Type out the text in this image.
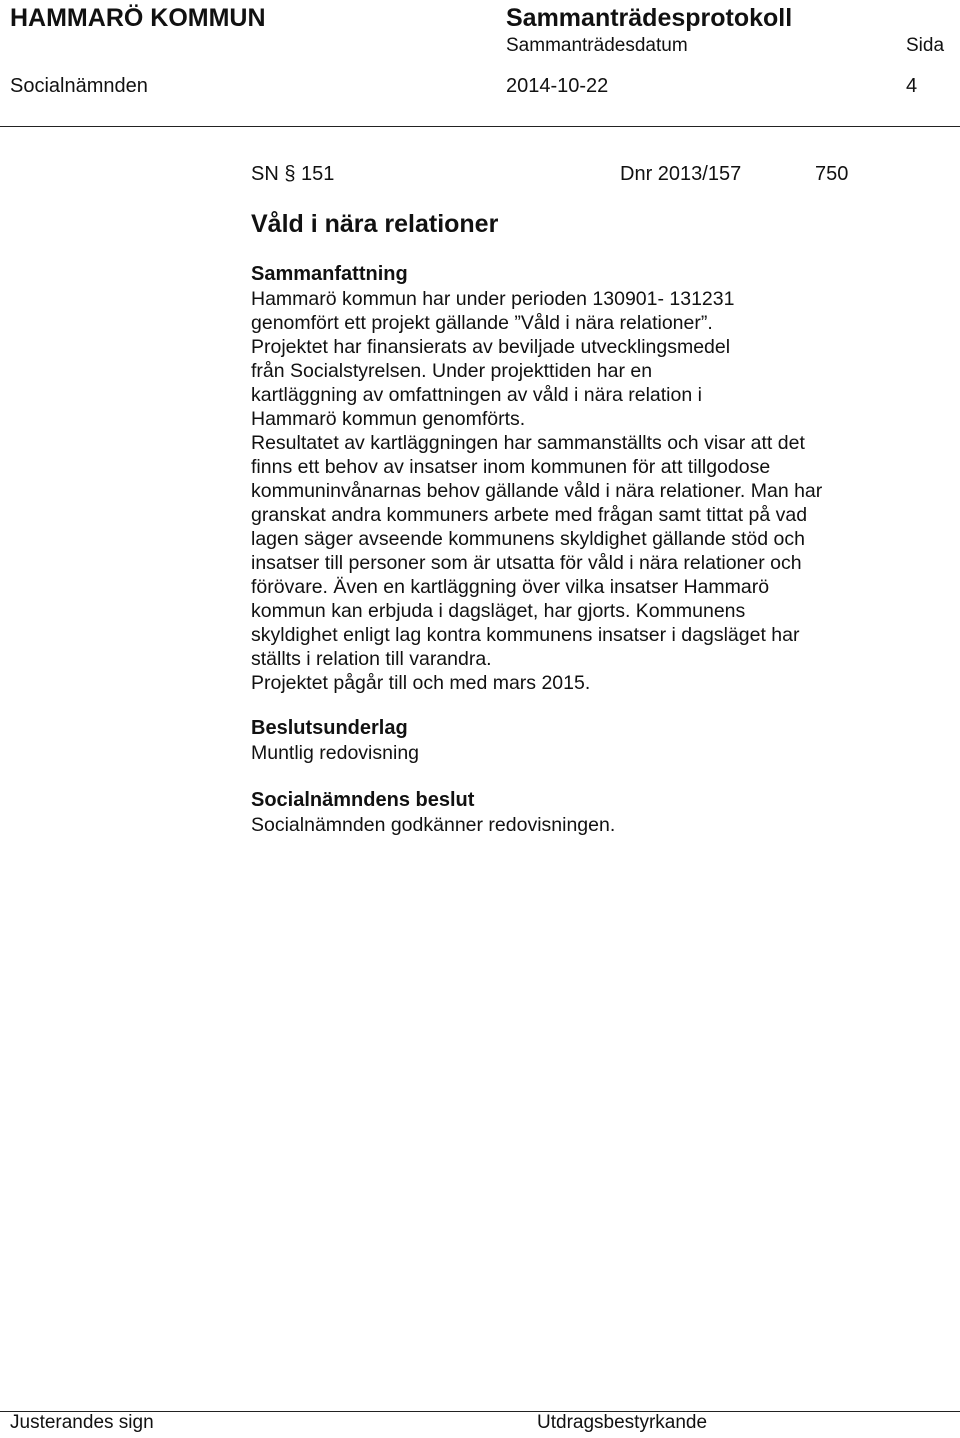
HAMMARÖ KOMMUN	Sammanträdesprotokoll
Sammanträdesdatum	Sida
Socialnämnden	2014-10-22	4
SN § 151	Dnr 2013/157	750
Våld i nära relationer
Sammanfattning
Hammarö kommun har under perioden 130901- 131231
genomfört ett projekt gällande ”Våld i nära relationer”.
Projektet har finansierats av beviljade utvecklingsmedel
från Socialstyrelsen. Under projekttiden har en
kartläggning av omfattningen av våld i nära relation i
Hammarö kommun genomförts.
Resultatet av kartläggningen har sammanställts och visar att det
finns ett behov av insatser inom kommunen för att tillgodose
kommuninvånarnas behov gällande våld i nära relationer. Man har
granskat andra kommuners arbete med frågan samt tittat på vad
lagen säger avseende kommunens skyldighet gällande stöd och
insatser till personer som är utsatta för våld i nära relationer och
förövare. Även en kartläggning över vilka insatser Hammarö
kommun kan erbjuda i dagsläget, har gjorts. Kommunens
skyldighet enligt lag kontra kommunens insatser i dagsläget har
ställts i relation till varandra.
Projektet pågår till och med mars 2015.
Beslutsunderlag
Muntlig redovisning
Socialnämndens beslut
Socialnämnden godkänner redovisningen.
Justerandes sign	Utdragsbestyrkande
